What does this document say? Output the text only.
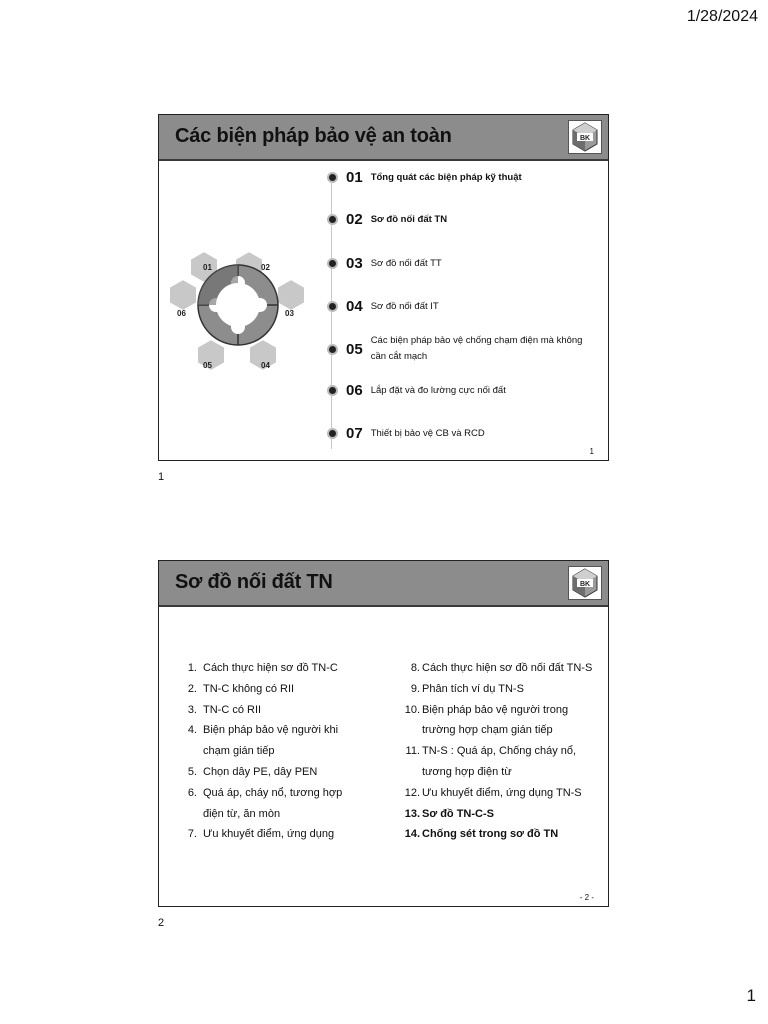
1/28/2024
Các biện pháp bảo vệ an toàn	BK
01	02
03
04
05
06
01 Tổng quát các biện pháp kỹ thuật
02 Sơ đồ nối đất TN
03 Sơ đồ nối đất TT
04 Sơ đồ nối đất IT
05 Các biện pháp bảo vệ chống chạm điện mà không
cần cắt mạch
06 Lắp đặt và đo lường cực nối đất
07 Thiết bị bảo vệ CB và RCD
1
1
Sơ đồ nối đất TN	BK
1. Cách thực hiện sơ đồ TN-C
2. TN-C không có RII
3. TN-C có RII
4. Biện pháp bảo vệ người khi
chạm gián tiếp
5. Chọn dây PE, dây PEN
6. Quá áp, cháy nổ, tương hợp
điện từ, ăn mòn
7. Ưu khuyết điểm, ứng dụng
8. Cách thực hiện sơ đồ nối đất TN-S
9. Phân tích ví dụ TN-S
10. Biện pháp bảo vệ người trong
trường hợp chạm gián tiếp
11. TN-S : Quá áp, Chống cháy nổ,
tương hợp điện từ
12. Ưu khuyết điểm, ứng dụng TN-S
13. Sơ đồ TN-C-S
14. Chống sét trong sơ đồ TN
- 2 -
2
1
